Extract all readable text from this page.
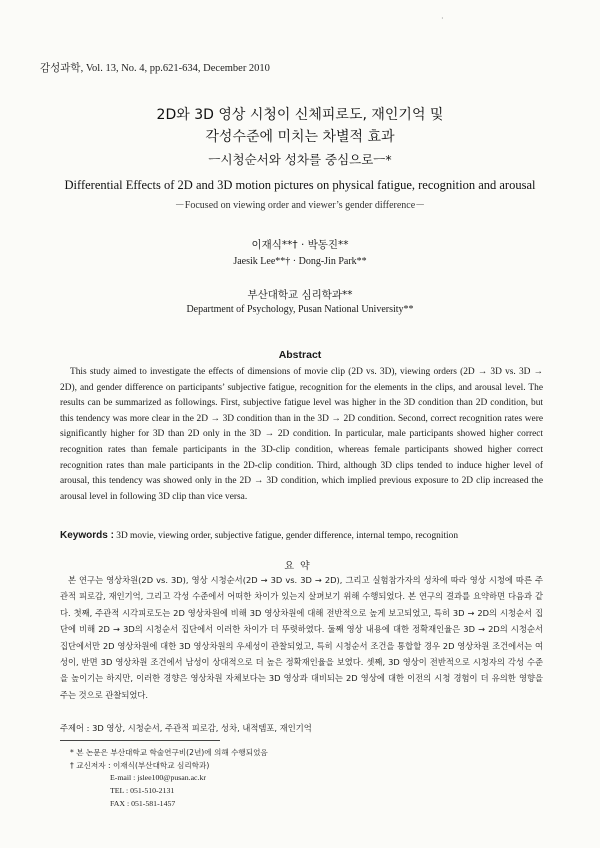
·
감성과학, Vol. 13, No. 4, pp.621-634, December 2010
2D와 3D 영상 시청이 신체피로도, 재인기억 및
각성수준에 미치는 차별적 효과
ㅡ시청순서와 성차를 중심으로ㅡ*
Differential Effects of 2D and 3D motion pictures on physical fatigue, recognition and arousal
－Focused on viewing order and viewer’s gender difference－
이재식**† · 박동진**
Jaesik Lee**† · Dong-Jin Park**
부산대학교 심리학과**
Department of Psychology, Pusan National University**
Abstract

This study aimed to investigate the effects of dimensions of movie clip (2D vs. 3D), viewing orders (2D → 3D vs. 3D → 2D), and gender difference on participants’ subjective fatigue, recognition for the elements in the clips, and arousal level. The results can be summarized as followings. First, subjective fatigue level was higher in the 3D condition than 2D condition, but this tendency was more clear in the 2D → 3D condition than in the 3D → 2D condition. Second, correct recognition rates were significantly higher for 3D than 2D only in the 3D → 2D condition. In particular, male participants showed higher correct recognition rates than female participants in the 3D-clip condition, whereas female participants showed higher correct recognition rates than male participants in the 2D-clip condition. Third, although 3D clips tended to induce higher level of arousal, this tendency was showed only in the 2D → 3D condition, which implied previous exposure to 2D clip increased the arousal level in following 3D clip than vice versa.

Keywords : 3D movie, viewing order, subjective fatigue, gender difference, internal tempo, recognition
요약

본 연구는 영상차원(2D vs. 3D), 영상 시청순서(2D → 3D vs. 3D → 2D), 그리고 실험참가자의 성차에 따라 영상 시청에 따른 주관적 피로감, 재인기억, 그리고 각성 수준에서 어떠한 차이가 있는지 살펴보기 위해 수행되었다. 본 연구의 결과를 요약하면 다음과 같다. 첫째, 주관적 시각피로도는 2D 영상차원에 비해 3D 영상차원에 대해 전반적으로 높게 보고되었고, 특히 3D → 2D의 시청순서 집단에 비해 2D → 3D의 시청순서 집단에서 이러한 차이가 더 뚜렷하였다. 둘째 영상 내용에 대한 정확재인율은 3D → 2D의 시청순서 집단에서만 2D 영상차원에 대한 3D 영상차원의 우세성이 관찰되었고, 특히 시청순서 조건을 통합할 경우 2D 영상차원 조건에서는 여성이, 반면 3D 영상차원 조건에서 남성이 상대적으로 더 높은 정확재인율을 보였다. 셋째, 3D 영상이 전반적으로 시청자의 각성 수준을 높이기는 하지만, 이러한 경향은 영상차원 자체보다는 3D 영상과 대비되는 2D 영상에 대한 이전의 시청 경험이 더 유의한 영향을 주는 것으로 관찰되었다.

주제어 : 3D 영상, 시청순서, 주관적 피로감, 성차, 내적템포, 재인기억
* 본 논문은 부산대학교 학술연구비(2년)에 의해 수행되었음
† 교신저자 : 이재식(부산대학교 심리학과)
E-mail : jslee100@pusan.ac.kr
TEL : 051-510-2131
FAX : 051-581-1457
